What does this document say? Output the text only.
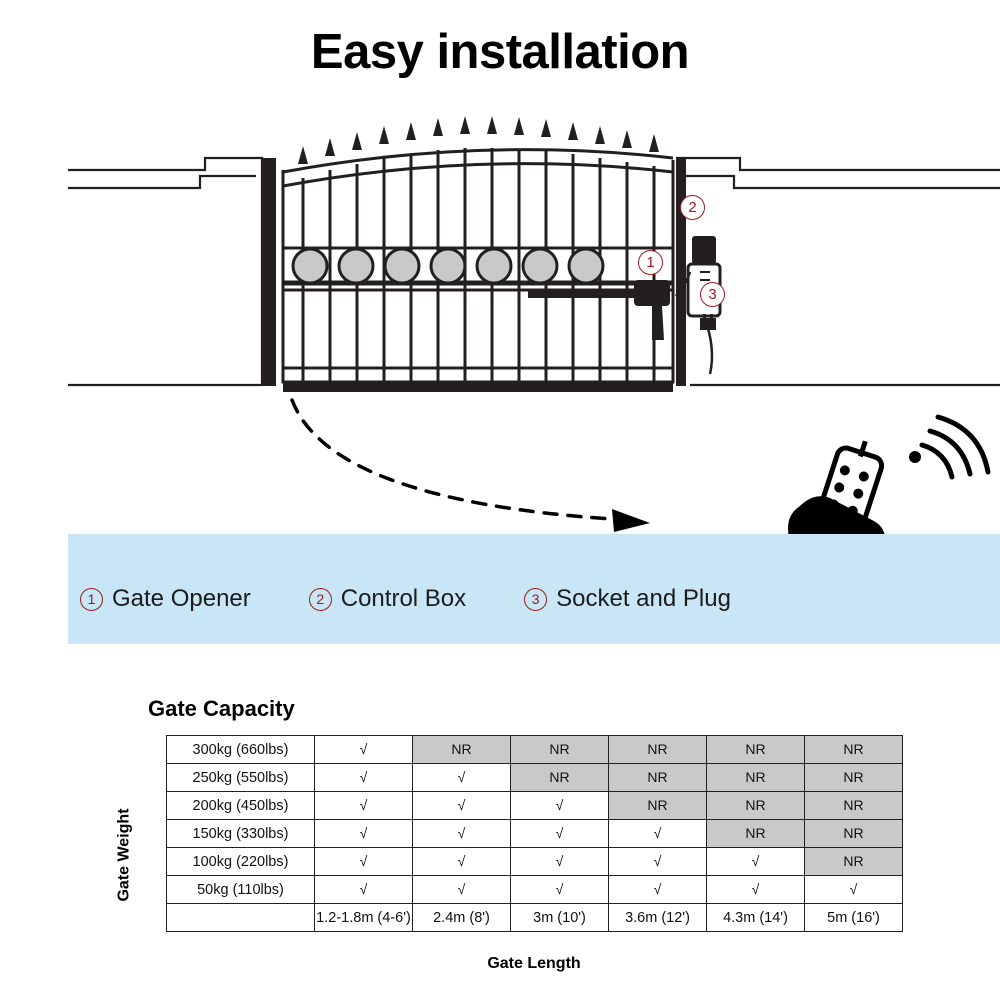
Easy installation
1
2
3
1 Gate Opener	2 Control Box	3 Socket and Plug
Gate Capacity
Gate Weight
300kg (660lbs)	√	NR	NR	NR	NR	NR
250kg (550lbs)	√	√	NR	NR	NR	NR
200kg (450lbs)	√	√	√	NR	NR	NR
150kg (330lbs)	√	√	√	√	NR	NR
100kg (220lbs)	√	√	√	√	√	NR
50kg (110lbs)	√	√	√	√	√	√
	1.2-1.8m (4-6')	2.4m (8')	3m (10')	3.6m (12')	4.3m (14')	5m (16')
Gate Length
